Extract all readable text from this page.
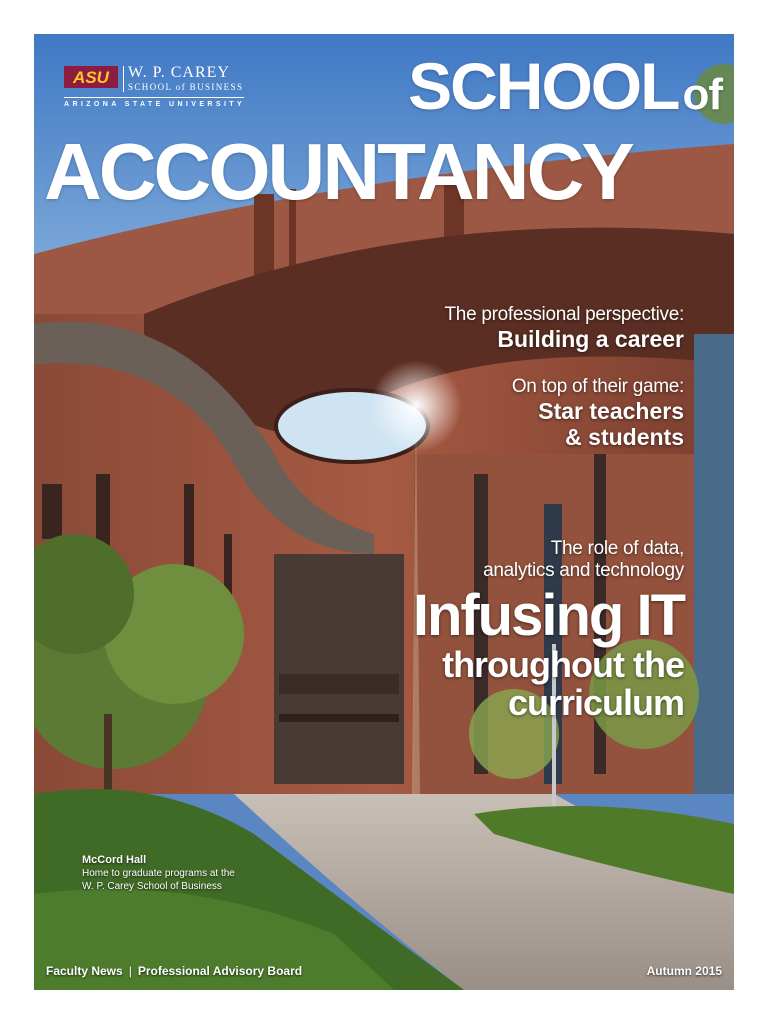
ASU W. P. CAREY
SCHOOL of BUSINESS
ARIZONA STATE UNIVERSITY SCHOOLof
ACCOUNTANCY
The professional perspective:
Building a career
On top of their game:
Star teachers
& students
The role of data,
analytics and technology
Infusing IT
throughout the
curriculum
McCord Hall
Home to graduate programs at the
W. P. Carey School of Business
Faculty News | Professional Advisory Board	Autumn 2015
